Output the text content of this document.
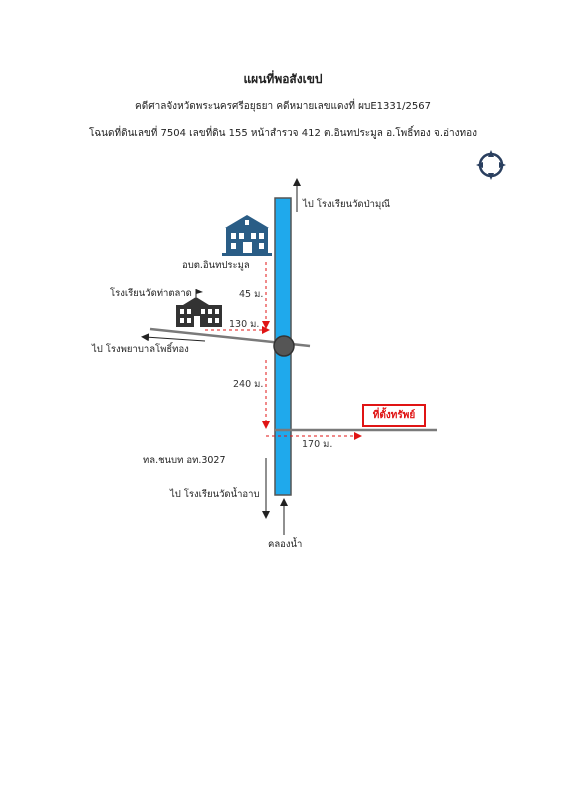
แผนที่พอสังเขป
คดีศาลจังหวัดพระนครศรีอยุธยา คดีหมายเลขแดงที่ ผบE1331/2567
โฉนดที่ดินเลขที่ 7504 เลขที่ดิน 155 หน้าสำรวจ 412 ต.อินทประมูล อ.โพธิ์ทอง จ.อ่างทอง
ไป โรงเรียนวัดป่ามุณี
อบต.อินทประมูล
โรงเรียนวัดท่าตลาด
ไป โรงพยาบาลโพธิ์ทอง
ทล.ชนบท อท.3027
ไป โรงเรียนวัดน้ำอาบ
คลองน้ำ
45 ม.
130 ม.
240 ม.
170 ม.
ที่ตั้งทรัพย์
